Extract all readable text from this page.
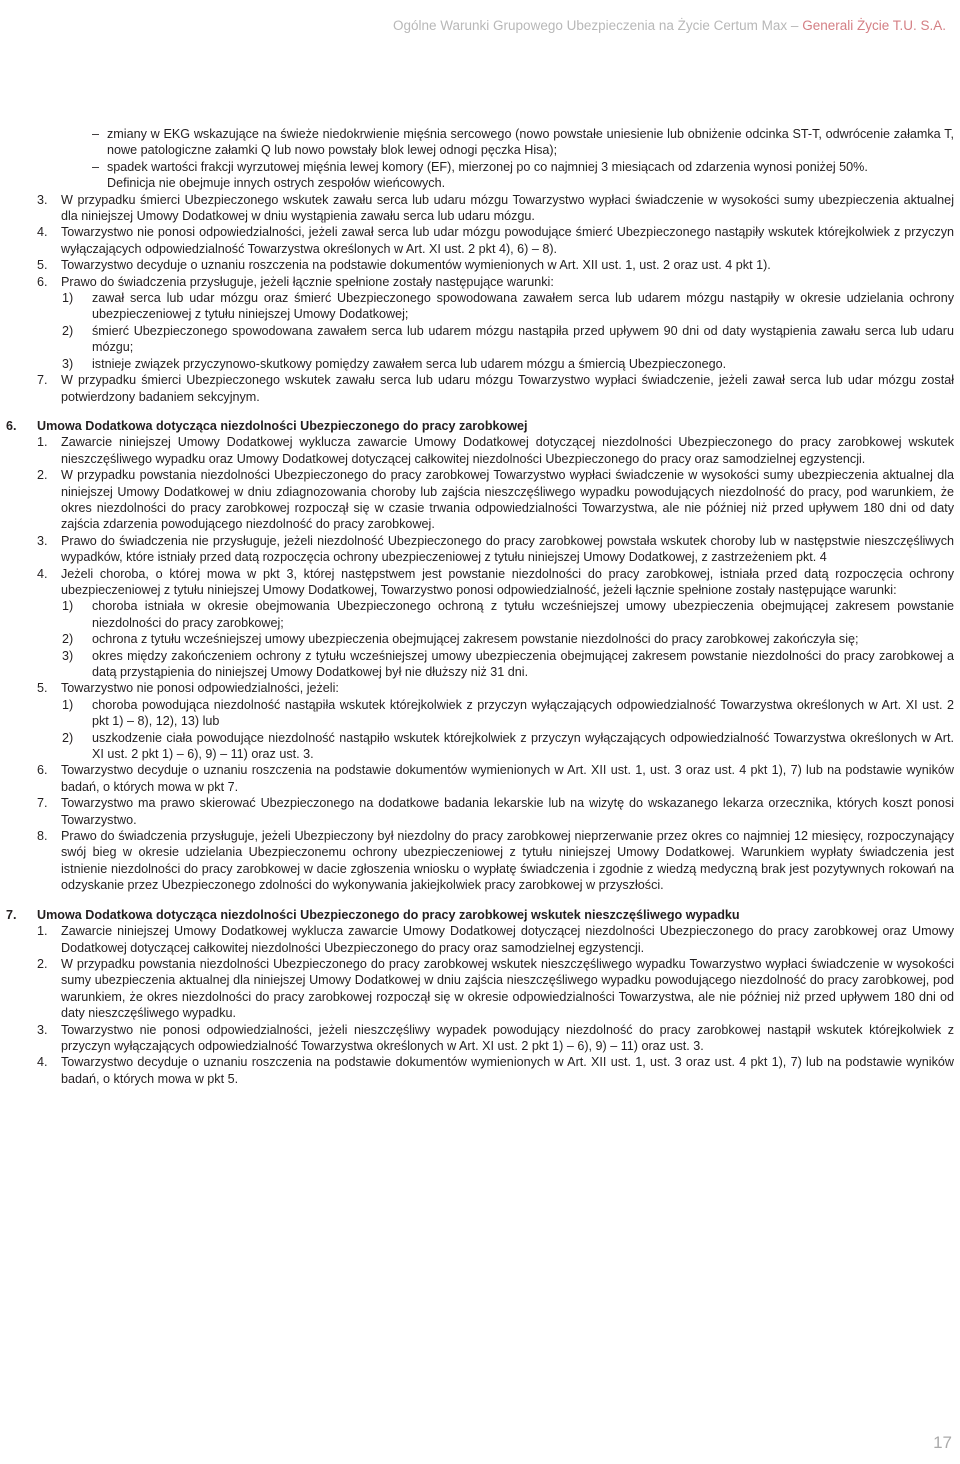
Ogólne Warunki Grupowego Ubezpieczenia na Życie Certum Max – Generali Życie T.U. S.A.
– zmiany w EKG wskazujące na świeże niedokrwienie mięśnia sercowego (nowo powstałe uniesienie lub obniżenie odcinka ST-T, odwrócenie załamka T, nowe patologiczne załamki Q lub nowo powstały blok lewej odnogi pęczka Hisa);
– spadek wartości frakcji wyrzutowej mięśnia lewej komory (EF), mierzonej po co najmniej 3 miesiącach od zdarzenia wynosi poniżej 50%.
Definicja nie obejmuje innych ostrych zespołów wieńcowych.
3. W przypadku śmierci Ubezpieczonego wskutek zawału serca lub udaru mózgu Towarzystwo wypłaci świadczenie w wysokości sumy ubezpieczenia aktualnej dla niniejszej Umowy Dodatkowej w dniu wystąpienia zawału serca lub udaru mózgu.
4. Towarzystwo nie ponosi odpowiedzialności, jeżeli zawał serca lub udar mózgu powodujące śmierć Ubezpieczonego nastąpiły wskutek którejkolwiek z przyczyn wyłączających odpowiedzialność Towarzystwa określonych w Art. XI ust. 2 pkt 4), 6) – 8).
5. Towarzystwo decyduje o uznaniu roszczenia na podstawie dokumentów wymienionych w Art. XII ust. 1, ust. 2 oraz ust. 4 pkt 1).
6. Prawo do świadczenia przysługuje, jeżeli łącznie spełnione zostały następujące warunki:
1) zawał serca lub udar mózgu oraz śmierć Ubezpieczonego spowodowana zawałem serca lub udarem mózgu nastąpiły w okresie udzielania ochrony ubezpieczeniowej z tytułu niniejszej Umowy Dodatkowej;
2) śmierć Ubezpieczonego spowodowana zawałem serca lub udarem mózgu nastąpiła przed upływem 90 dni od daty wystąpienia zawału serca lub udaru mózgu;
3) istnieje związek przyczynowo-skutkowy pomiędzy zawałem serca lub udarem mózgu a śmiercią Ubezpieczonego.
7. W przypadku śmierci Ubezpieczonego wskutek zawału serca lub udaru mózgu Towarzystwo wypłaci świadczenie, jeżeli zawał serca lub udar mózgu został potwierdzony badaniem sekcyjnym.
6. Umowa Dodatkowa dotycząca niezdolności Ubezpieczonego do pracy zarobkowej
1. Zawarcie niniejszej Umowy Dodatkowej wyklucza zawarcie Umowy Dodatkowej dotyczącej niezdolności Ubezpieczonego do pracy zarobkowej wskutek nieszczęśliwego wypadku oraz Umowy Dodatkowej dotyczącej całkowitej niezdolności Ubezpieczonego do pracy oraz samodzielnej egzystencji.
2. W przypadku powstania niezdolności Ubezpieczonego do pracy zarobkowej Towarzystwo wypłaci świadczenie w wysokości sumy ubezpieczenia aktualnej dla niniejszej Umowy Dodatkowej w dniu zdiagnozowania choroby lub zajścia nieszczęśliwego wypadku powodujących niezdolność do pracy, pod warunkiem, że okres niezdolności do pracy zarobkowej rozpoczął się w czasie trwania odpowiedzialności Towarzystwa, ale nie później niż przed upływem 180 dni od daty zajścia zdarzenia powodującego niezdolność do pracy zarobkowej.
3. Prawo do świadczenia nie przysługuje, jeżeli niezdolność Ubezpieczonego do pracy zarobkowej powstała wskutek choroby lub w następstwie nieszczęśliwych wypadków, które istniały przed datą rozpoczęcia ochrony ubezpieczeniowej z tytułu niniejszej Umowy Dodatkowej, z zastrzeżeniem pkt. 4
4. Jeżeli choroba, o której mowa w pkt 3, której następstwem jest powstanie niezdolności do pracy zarobkowej, istniała przed datą rozpoczęcia ochrony ubezpieczeniowej z tytułu niniejszej Umowy Dodatkowej, Towarzystwo ponosi odpowiedzialność, jeżeli łącznie spełnione zostały następujące warunki:
1) choroba istniała w okresie obejmowania Ubezpieczonego ochroną z tytułu wcześniejszej umowy ubezpieczenia obejmującej zakresem powstanie niezdolności do pracy zarobkowej;
2) ochrona z tytułu wcześniejszej umowy ubezpieczenia obejmującej zakresem powstanie niezdolności do pracy zarobkowej zakończyła się;
3) okres między zakończeniem ochrony z tytułu wcześniejszej umowy ubezpieczenia obejmującej zakresem powstanie niezdolności do pracy zarobkowej a datą przystąpienia do niniejszej Umowy Dodatkowej był nie dłuższy niż 31 dni.
5. Towarzystwo nie ponosi odpowiedzialności, jeżeli:
1) choroba powodująca niezdolność nastąpiła wskutek którejkolwiek z przyczyn wyłączających odpowiedzialność Towarzystwa określonych w Art. XI ust. 2 pkt 1) – 8), 12), 13) lub
2) uszkodzenie ciała powodujące niezdolność nastąpiło wskutek którejkolwiek z przyczyn wyłączających odpowiedzialność Towarzystwa określonych w Art. XI ust. 2 pkt 1) – 6), 9) – 11) oraz ust. 3.
6. Towarzystwo decyduje o uznaniu roszczenia na podstawie dokumentów wymienionych w Art. XII ust. 1, ust. 3 oraz ust. 4 pkt 1), 7) lub na podstawie wyników badań, o których mowa w pkt 7.
7. Towarzystwo ma prawo skierować Ubezpieczonego na dodatkowe badania lekarskie lub na wizytę do wskazanego lekarza orzecznika, których koszt ponosi Towarzystwo.
8. Prawo do świadczenia przysługuje, jeżeli Ubezpieczony był niezdolny do pracy zarobkowej nieprzerwanie przez okres co najmniej 12 miesięcy, rozpoczynający swój bieg w okresie udzielania Ubezpieczonemu ochrony ubezpieczeniowej z tytułu niniejszej Umowy Dodatkowej. Warunkiem wypłaty świadczenia jest istnienie niezdolności do pracy zarobkowej w dacie zgłoszenia wniosku o wypłatę świadczenia i zgodnie z wiedzą medyczną brak jest pozytywnych rokowań na odzyskanie przez Ubezpieczonego zdolności do wykonywania jakiejkolwiek pracy zarobkowej w przyszłości.
7. Umowa Dodatkowa dotycząca niezdolności Ubezpieczonego do pracy zarobkowej wskutek nieszczęśliwego wypadku
1. Zawarcie niniejszej Umowy Dodatkowej wyklucza zawarcie Umowy Dodatkowej dotyczącej niezdolności Ubezpieczonego do pracy zarobkowej oraz Umowy Dodatkowej dotyczącej całkowitej niezdolności Ubezpieczonego do pracy oraz samodzielnej egzystencji.
2. W przypadku powstania niezdolności Ubezpieczonego do pracy zarobkowej wskutek nieszczęśliwego wypadku Towarzystwo wypłaci świadczenie w wysokości sumy ubezpieczenia aktualnej dla niniejszej Umowy Dodatkowej w dniu zajścia nieszczęśliwego wypadku powodującego niezdolność do pracy zarobkowej, pod warunkiem, że okres niezdolności do pracy zarobkowej rozpoczął się w okresie odpowiedzialności Towarzystwa, ale nie później niż przed upływem 180 dni od daty nieszczęśliwego wypadku.
3. Towarzystwo nie ponosi odpowiedzialności, jeżeli nieszczęśliwy wypadek powodujący niezdolność do pracy zarobkowej nastąpił wskutek którejkolwiek z przyczyn wyłączających odpowiedzialność Towarzystwa określonych w Art. XI ust. 2 pkt 1) – 6), 9) – 11) oraz ust. 3.
4. Towarzystwo decyduje o uznaniu roszczenia na podstawie dokumentów wymienionych w Art. XII ust. 1, ust. 3 oraz ust. 4 pkt 1), 7) lub na podstawie wyników badań, o których mowa w pkt 5.
17
